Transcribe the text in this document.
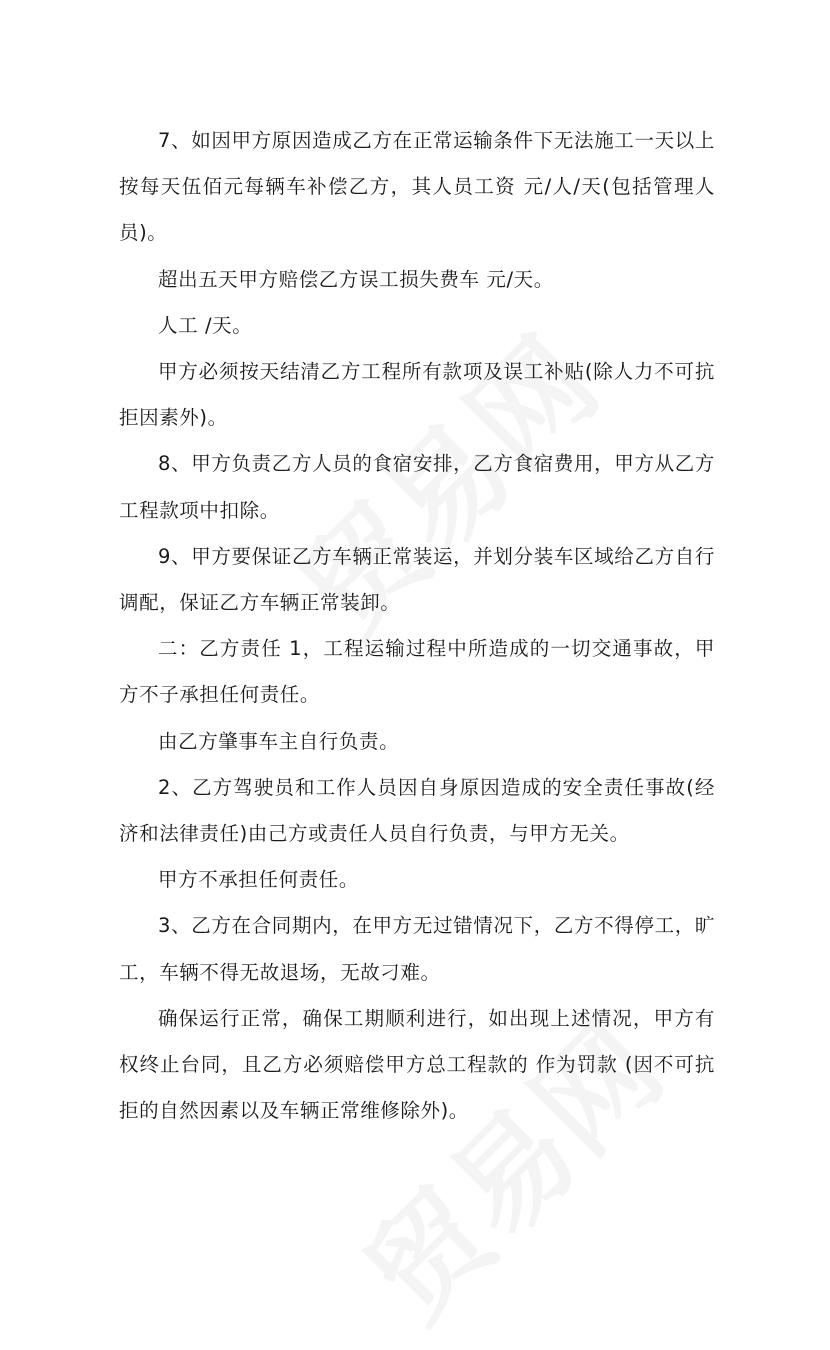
7、如因甲方原因造成乙方在正常运输条件下无法施工一天以上按每天伍佰元每辆车补偿乙方，其人员工资 元/人/天(包括管理人员)。

超出五天甲方赔偿乙方误工损失费车 元/天。

人工 /天。

甲方必须按天结清乙方工程所有款项及误工补贴(除人力不可抗拒因素外)。

8、甲方负责乙方人员的食宿安排，乙方食宿费用，甲方从乙方工程款项中扣除。

9、甲方要保证乙方车辆正常装运，并划分装车区域给乙方自行调配，保证乙方车辆正常装卸。

二：乙方责任 1，工程运输过程中所造成的一切交通事故，甲方不子承担任何责任。

由乙方肇事车主自行负责。

2、乙方驾驶员和工作人员因自身原因造成的安全责任事故(经济和法律责任)由己方或责任人员自行负责，与甲方无关。

甲方不承担任何责任。

3、乙方在合同期内，在甲方无过错情况下，乙方不得停工，旷工，车辆不得无故退场，无故刁难。

确保运行正常，确保工期顺利进行，如出现上述情况，甲方有权终止台同，且乙方必须赔偿甲方总工程款的 作为罚款 (因不可抗拒的自然因素以及车辆正常维修除外)。
